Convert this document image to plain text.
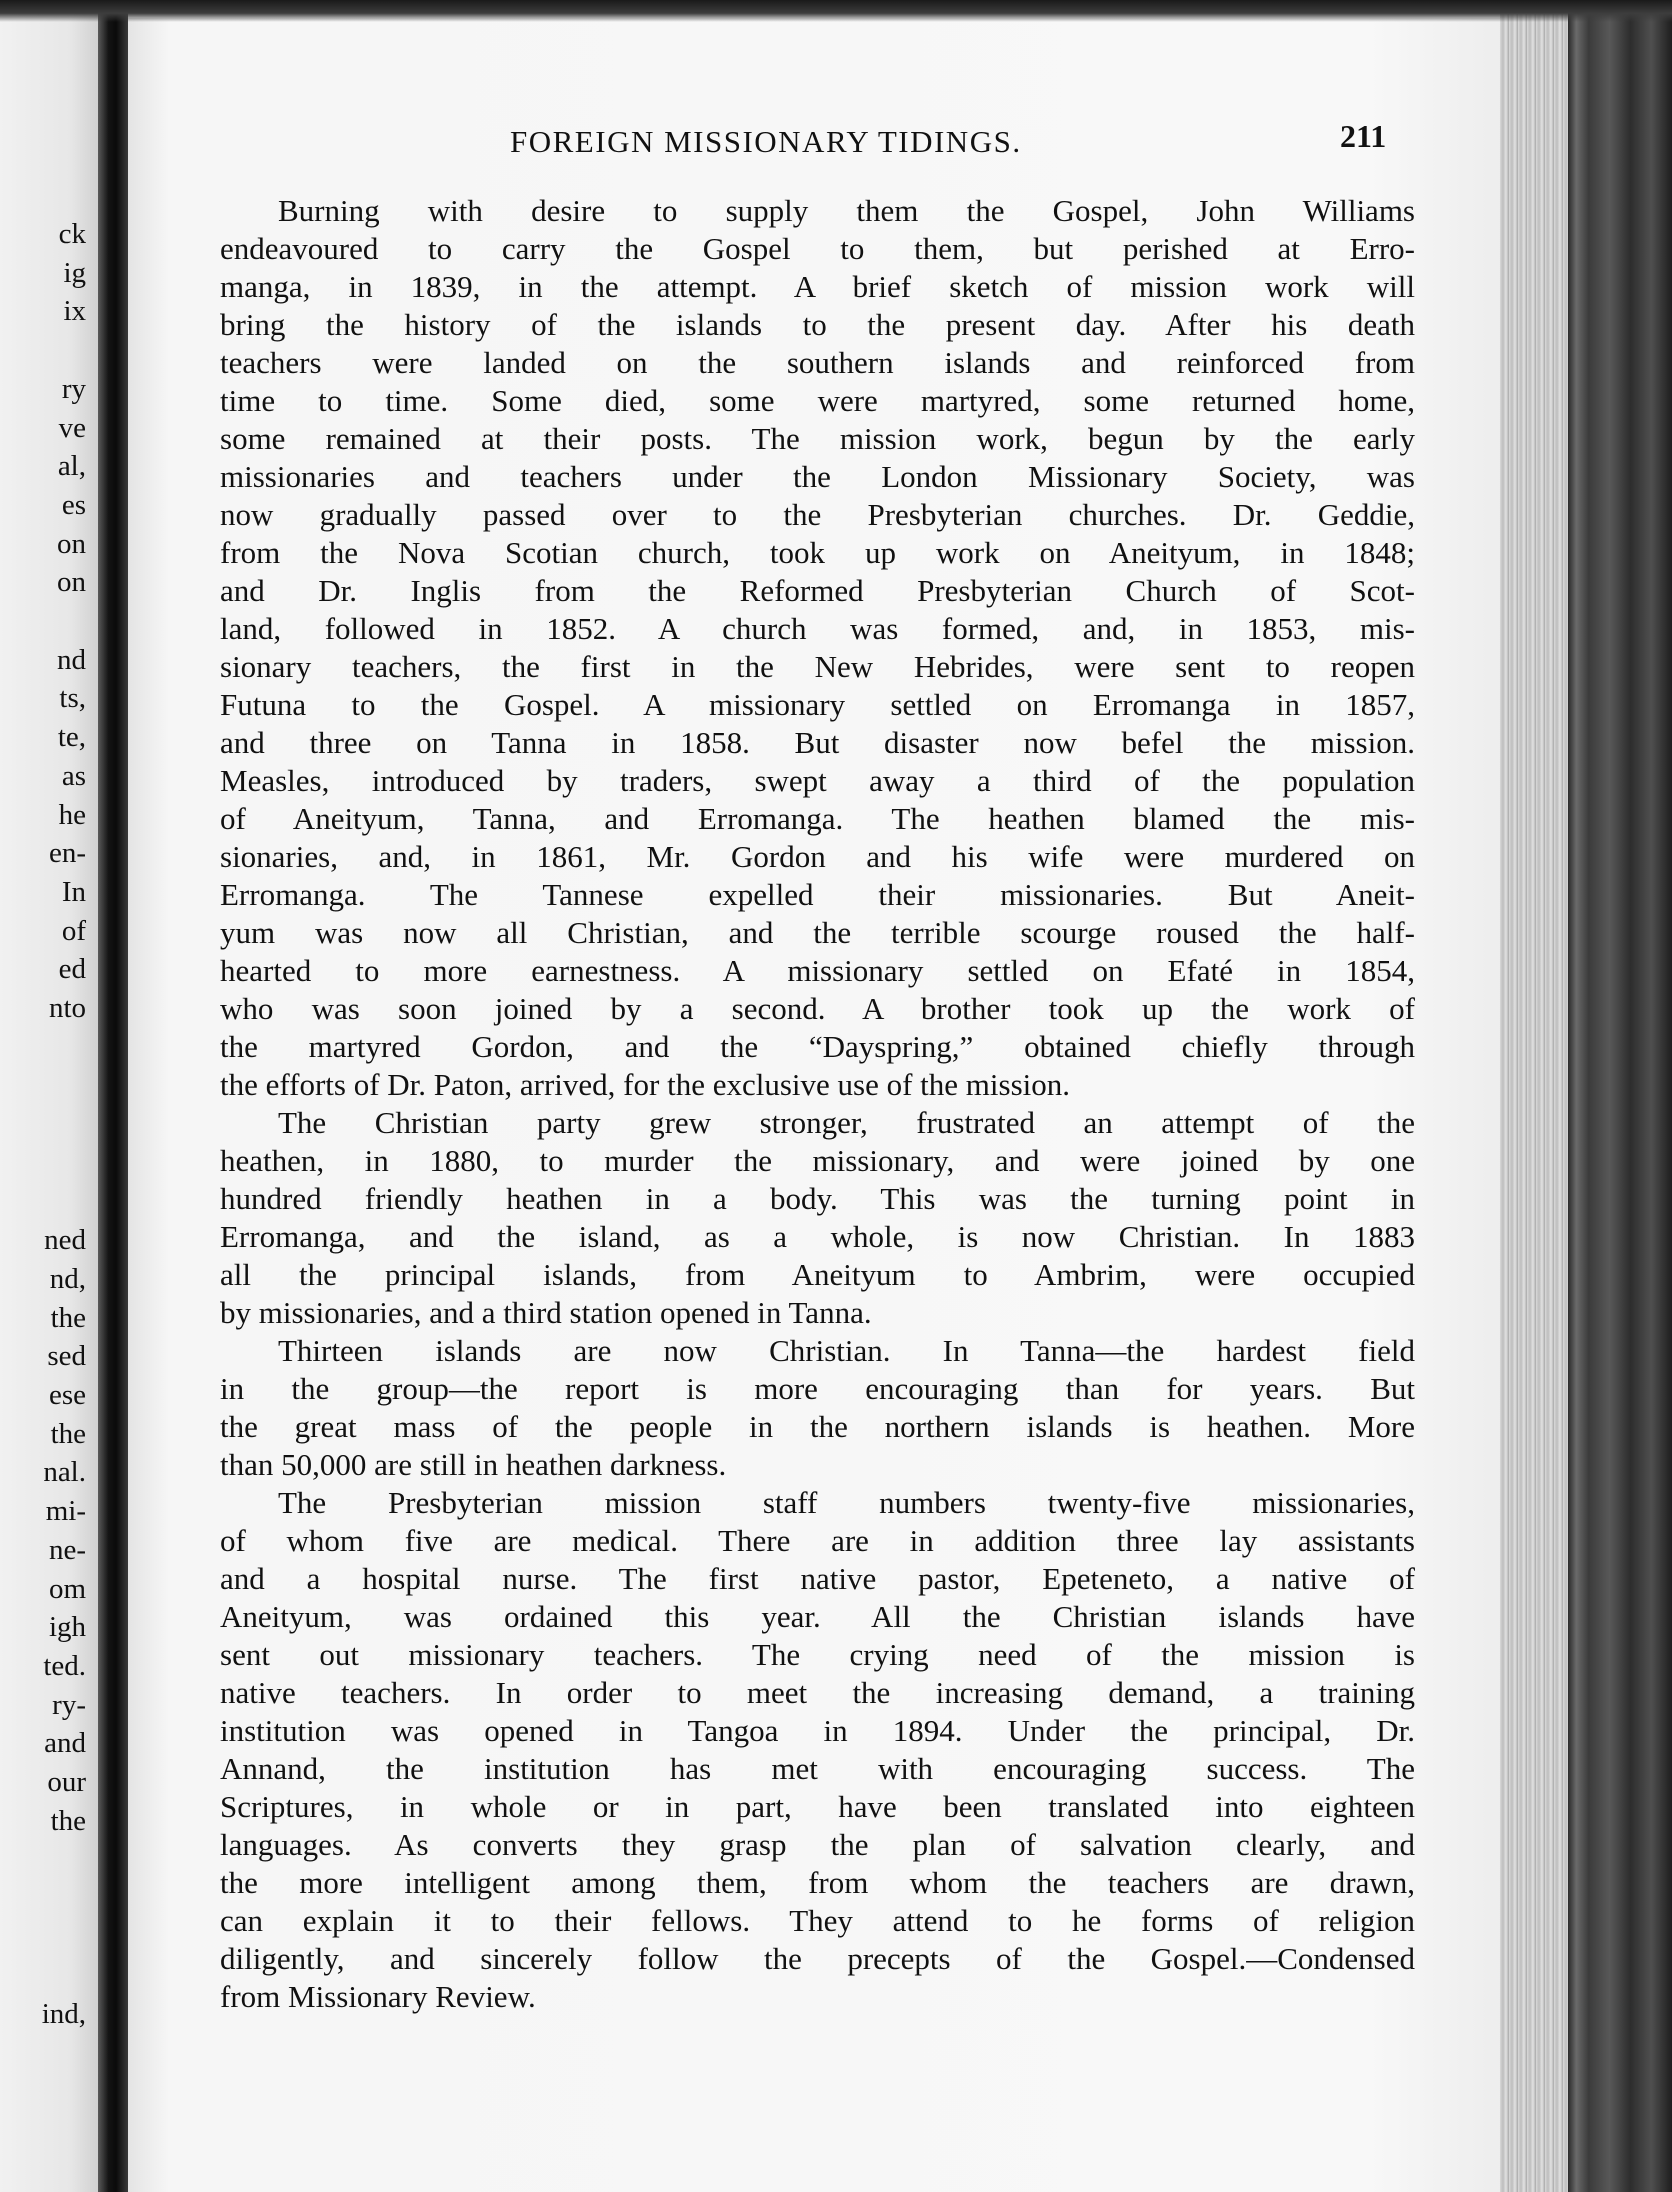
ck
ig
ix
ry
ve
al,
es
on
on
nd
ts,
te,
as
he
en-
In
of
ed
nto
ned
nd,
the
sed
ese
the
nal.
mi-
ne-
om
igh
ted.
ry-
and
our
the
ind,
FOREIGN MISSIONARY TIDINGS.	211
Burning with desire to supply them the Gospel, John Williams
endeavoured to carry the Gospel to them, but perished at Erro-
manga, in 1839, in the attempt. A brief sketch of mission work will
bring the history of the islands to the present day. After his death
teachers were landed on the southern islands and reinforced from
time to time. Some died, some were martyred, some returned home,
some remained at their posts. The mission work, begun by the early
missionaries and teachers under the London Missionary Society, was
now gradually passed over to the Presbyterian churches. Dr. Geddie,
from the Nova Scotian church, took up work on Aneityum, in 1848;
and Dr. Inglis from the Reformed Presbyterian Church of Scot-
land, followed in 1852. A church was formed, and, in 1853, mis-
sionary teachers, the first in the New Hebrides, were sent to reopen
Futuna to the Gospel. A missionary settled on Erromanga in 1857,
and three on Tanna in 1858. But disaster now befel the mission.
Measles, introduced by traders, swept away a third of the population
of Aneityum, Tanna, and Erromanga. The heathen blamed the mis-
sionaries, and, in 1861, Mr. Gordon and his wife were murdered on
Erromanga. The Tannese expelled their missionaries. But Aneit-
yum was now all Christian, and the terrible scourge roused the half-
hearted to more earnestness. A missionary settled on Efaté in 1854,
who was soon joined by a second. A brother took up the work of
the martyred Gordon, and the “Dayspring,” obtained chiefly through
the efforts of Dr. Paton, arrived, for the exclusive use of the mission.
The Christian party grew stronger, frustrated an attempt of the
heathen, in 1880, to murder the missionary, and were joined by one
hundred friendly heathen in a body. This was the turning point in
Erromanga, and the island, as a whole, is now Christian. In 1883
all the principal islands, from Aneityum to Ambrim, were occupied
by missionaries, and a third station opened in Tanna.
Thirteen islands are now Christian. In Tanna—the hardest field
in the group—the report is more encouraging than for years. But
the great mass of the people in the northern islands is heathen. More
than 50,000 are still in heathen darkness.
The Presbyterian mission staff numbers twenty-five missionaries,
of whom five are medical. There are in addition three lay assistants
and a hospital nurse. The first native pastor, Epeteneto, a native of
Aneityum, was ordained this year. All the Christian islands have
sent out missionary teachers. The crying need of the mission is
native teachers. In order to meet the increasing demand, a training
institution was opened in Tangoa in 1894. Under the principal, Dr.
Annand, the institution has met with encouraging success. The
Scriptures, in whole or in part, have been translated into eighteen
languages. As converts they grasp the plan of salvation clearly, and
the more intelligent among them, from whom the teachers are drawn,
can explain it to their fellows. They attend to he forms of religion
diligently, and sincerely follow the precepts of the Gospel.—Condensed
from Missionary Review.
